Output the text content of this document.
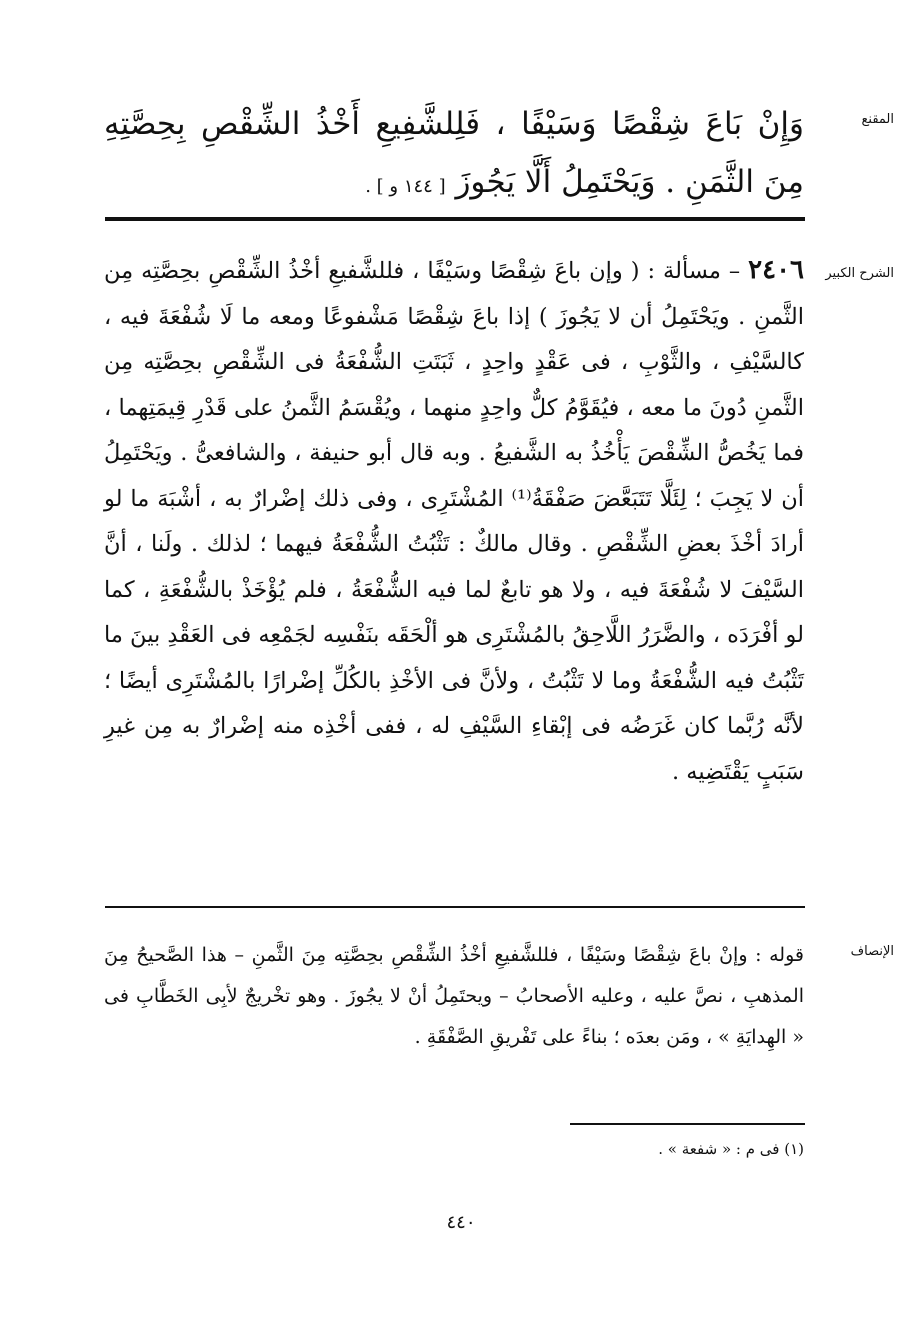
المقنع

وَإِنْ بَاعَ شِقْصًا وَسَيْفًا ، فَلِلشَّفِيعِ أَخْذُ الشِّقْصِ بِحِصَّتِهِ مِنَ الثَّمَنِ . وَيَحْتَمِلُ أَلَّا يَجُوزَ [ ١٤٤ و ] .

الشرح الكبير

٢٤٠٦ – مسألة : ( وإن باعَ شِقْصًا وسَيْفًا ، فللشَّفيعِ أخْذُ الشِّقْصِ بحِصَّتِه مِن الثَّمنِ . ويَحْتَمِلُ أن لا يَجُوزَ ) إذا باعَ شِقْصًا مَشْفوعًا ومعه ما لَا شُفْعَةَ فيه ، كالسَّيْفِ ، والثَّوْبِ ، فى عَقْدٍ واحِدٍ ، ثَبَتَتِ الشُّفْعَةُ فى الشِّقْصِ بحِصَّتِه مِن الثَّمنِ دُونَ ما معه ، فيُقَوَّمُ كلٌّ واحِدٍ منهما ، ويُقْسَمُ الثَّمنُ على قَدْرِ قِيمَتِهما ، فما يَخُصُّ الشِّقْصَ يَأْخُذُ به الشَّفيعُ . وبه قال أبو حنيفة ، والشافعىُّ . ويَحْتَمِلُ أن لا يَجِبَ ؛ لِئَلَّا تَتَبَعَّضَ صَفْقَةُ⁽¹⁾ المُشْتَرِى ، وفى ذلك إضْرارٌ به ، أشْبَهَ ما لو أرادَ أخْذَ بعضِ الشِّقْصِ . وقال مالكٌ : تَثْبُتُ الشُّفْعَةُ فيهما ؛ لذلك . ولَنا ، أنَّ السَّيْفَ لا شُفْعَةَ فيه ، ولا هو تابعٌ لما فيه الشُّفْعَةُ ، فلم يُؤْخَذْ بالشُّفْعَةِ ، كما لو أفْرَدَه ، والضَّرَرُ اللَّاحِقُ بالمُشْتَرِى هو ألْحَقَه بنَفْسِه لجَمْعِه فى العَقْدِ بينَ ما تَثْبُتُ فيه الشُّفْعَةُ وما لا تَثْبُتُ ، ولأنَّ فى الأخْذِ بالكُلِّ إضْرارًا بالمُشْتَرِى أيضًا ؛ لأنَّه رُبَّما كان غَرَضُه فى إبْقاءِ السَّيْفِ له ، ففى أخْذِه منه إضْرارٌ به مِن غيرِ سَبَبٍ يَقْتَضِيه .

الإنصاف

قوله : وإنْ باعَ شِقْصًا وسَيْفًا ، فللشَّفيعِ أخْذُ الشِّقْصِ بحِصَّتِه مِنَ الثَّمنِ – هذا الصَّحيحُ مِنَ المذهبِ ، نصَّ عليه ، وعليه الأصحابُ – ويحتَمِلُ أنْ لا يجُوزَ . وهو تخْريجٌ لأبِى الخَطَّابِ فى « الهِدايَةِ » ، ومَن بعدَه ؛ بناءً على تَفْريقِ الصَّفْقَةِ .

(١) فى م : « شفعة » .
٤٤٠
